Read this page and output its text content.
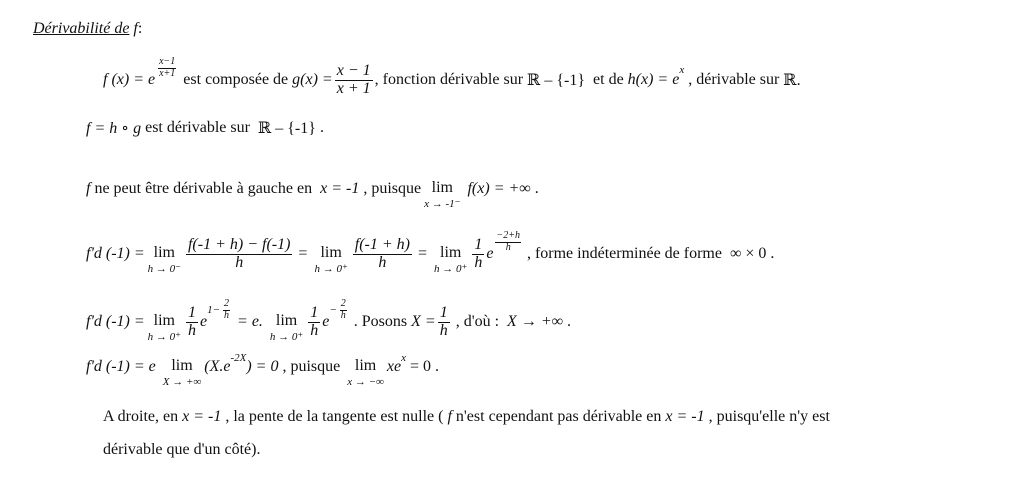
Dérivabilité de
f :
f (x) = e
$\frac{x-1}{x+1}$
est composée de $g(x) = \frac{x - 1}{x + 1}$ , fonction dérivable sur ℝ – {-1} et de h(x) = e
x
, dérivable sur ℝ.
f = h ∘ g est dérivable sur ℝ – {-1} .
f ne peut être dérivable à gauche en x = -1 , puisque lim
x → -1⁻
f(x) = +∞ .
f'd (-1) = lim
$h \to 0^- \frac{f(-1 + h) - f(-1)}{h} = \lim$
$h \to 0^+ \frac{f(-1 + h)}{h} = \lim$
$h \to 0^+ \frac{1}{h}$ e
$\frac{-2+h}{h}$
, forme indéterminée de forme ∞ × 0 .
f'd (-1) = lim
$h \to 0^+ \frac{1}{h}$ e
$1- \frac{2}{h}$
= e. lim
$h \to 0^+ \frac{1}{h}$ e
− $\frac{2}{h}$
. Posons $X = \frac{1}{h}$ , d'où : X → +∞ .
f'd (-1) = e lim
X → +∞
(X.e -2X ) = 0 , puisque lim
x → −∞
xe x = 0 .
A droite, en x = -1 , la pente de la tangente est nulle ( f n'est cependant pas dérivable en x = -1 , puisqu'elle n'y est
dérivable que d'un côté).
